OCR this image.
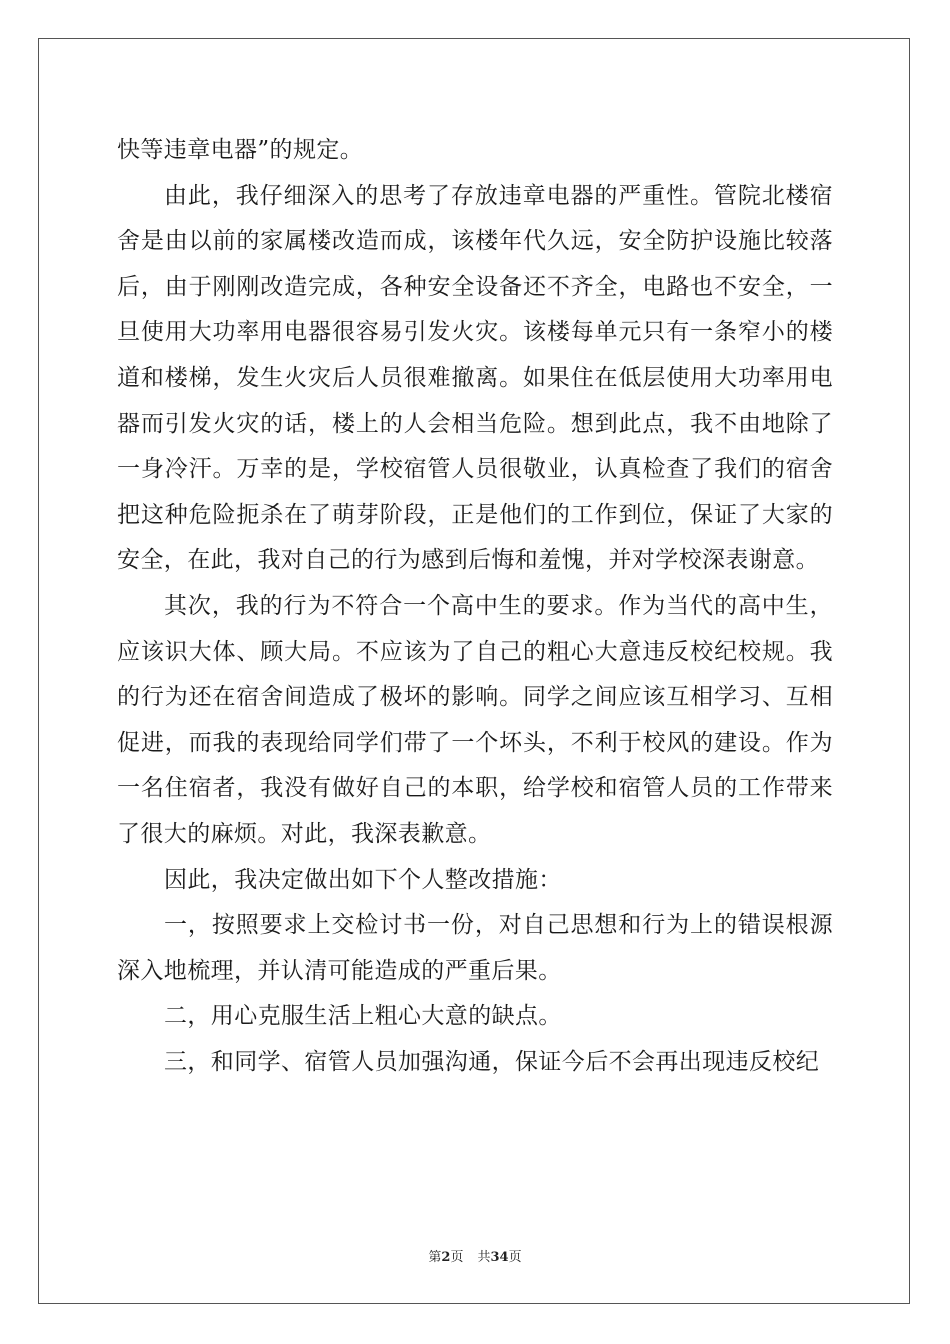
快等违章电器”的规定。

由此，我仔细深入的思考了存放违章电器的严重性。管院北楼宿舍是由以前的家属楼改造而成，该楼年代久远，安全防护设施比较落后，由于刚刚改造完成，各种安全设备还不齐全，电路也不安全，一旦使用大功率用电器很容易引发火灾。该楼每单元只有一条窄小的楼道和楼梯，发生火灾后人员很难撤离。如果住在低层使用大功率用电器而引发火灾的话，楼上的人会相当危险。想到此点，我不由地除了一身冷汗。万幸的是，学校宿管人员很敬业，认真检查了我们的宿舍把这种危险扼杀在了萌芽阶段，正是他们的工作到位，保证了大家的安全，在此，我对自己的行为感到后悔和羞愧，并对学校深表谢意。

其次，我的行为不符合一个高中生的要求。作为当代的高中生，应该识大体、顾大局。不应该为了自己的粗心大意违反校纪校规。我的行为还在宿舍间造成了极坏的影响。同学之间应该互相学习、互相促进，而我的表现给同学们带了一个坏头，不利于校风的建设。作为一名住宿者，我没有做好自己的本职，给学校和宿管人员的工作带来了很大的麻烦。对此，我深表歉意。

因此，我决定做出如下个人整改措施：

一，按照要求上交检讨书一份，对自己思想和行为上的错误根源深入地梳理，并认清可能造成的严重后果。

二，用心克服生活上粗心大意的缺点。

三，和同学、宿管人员加强沟通，保证今后不会再出现违反校纪

第2页 共34页
